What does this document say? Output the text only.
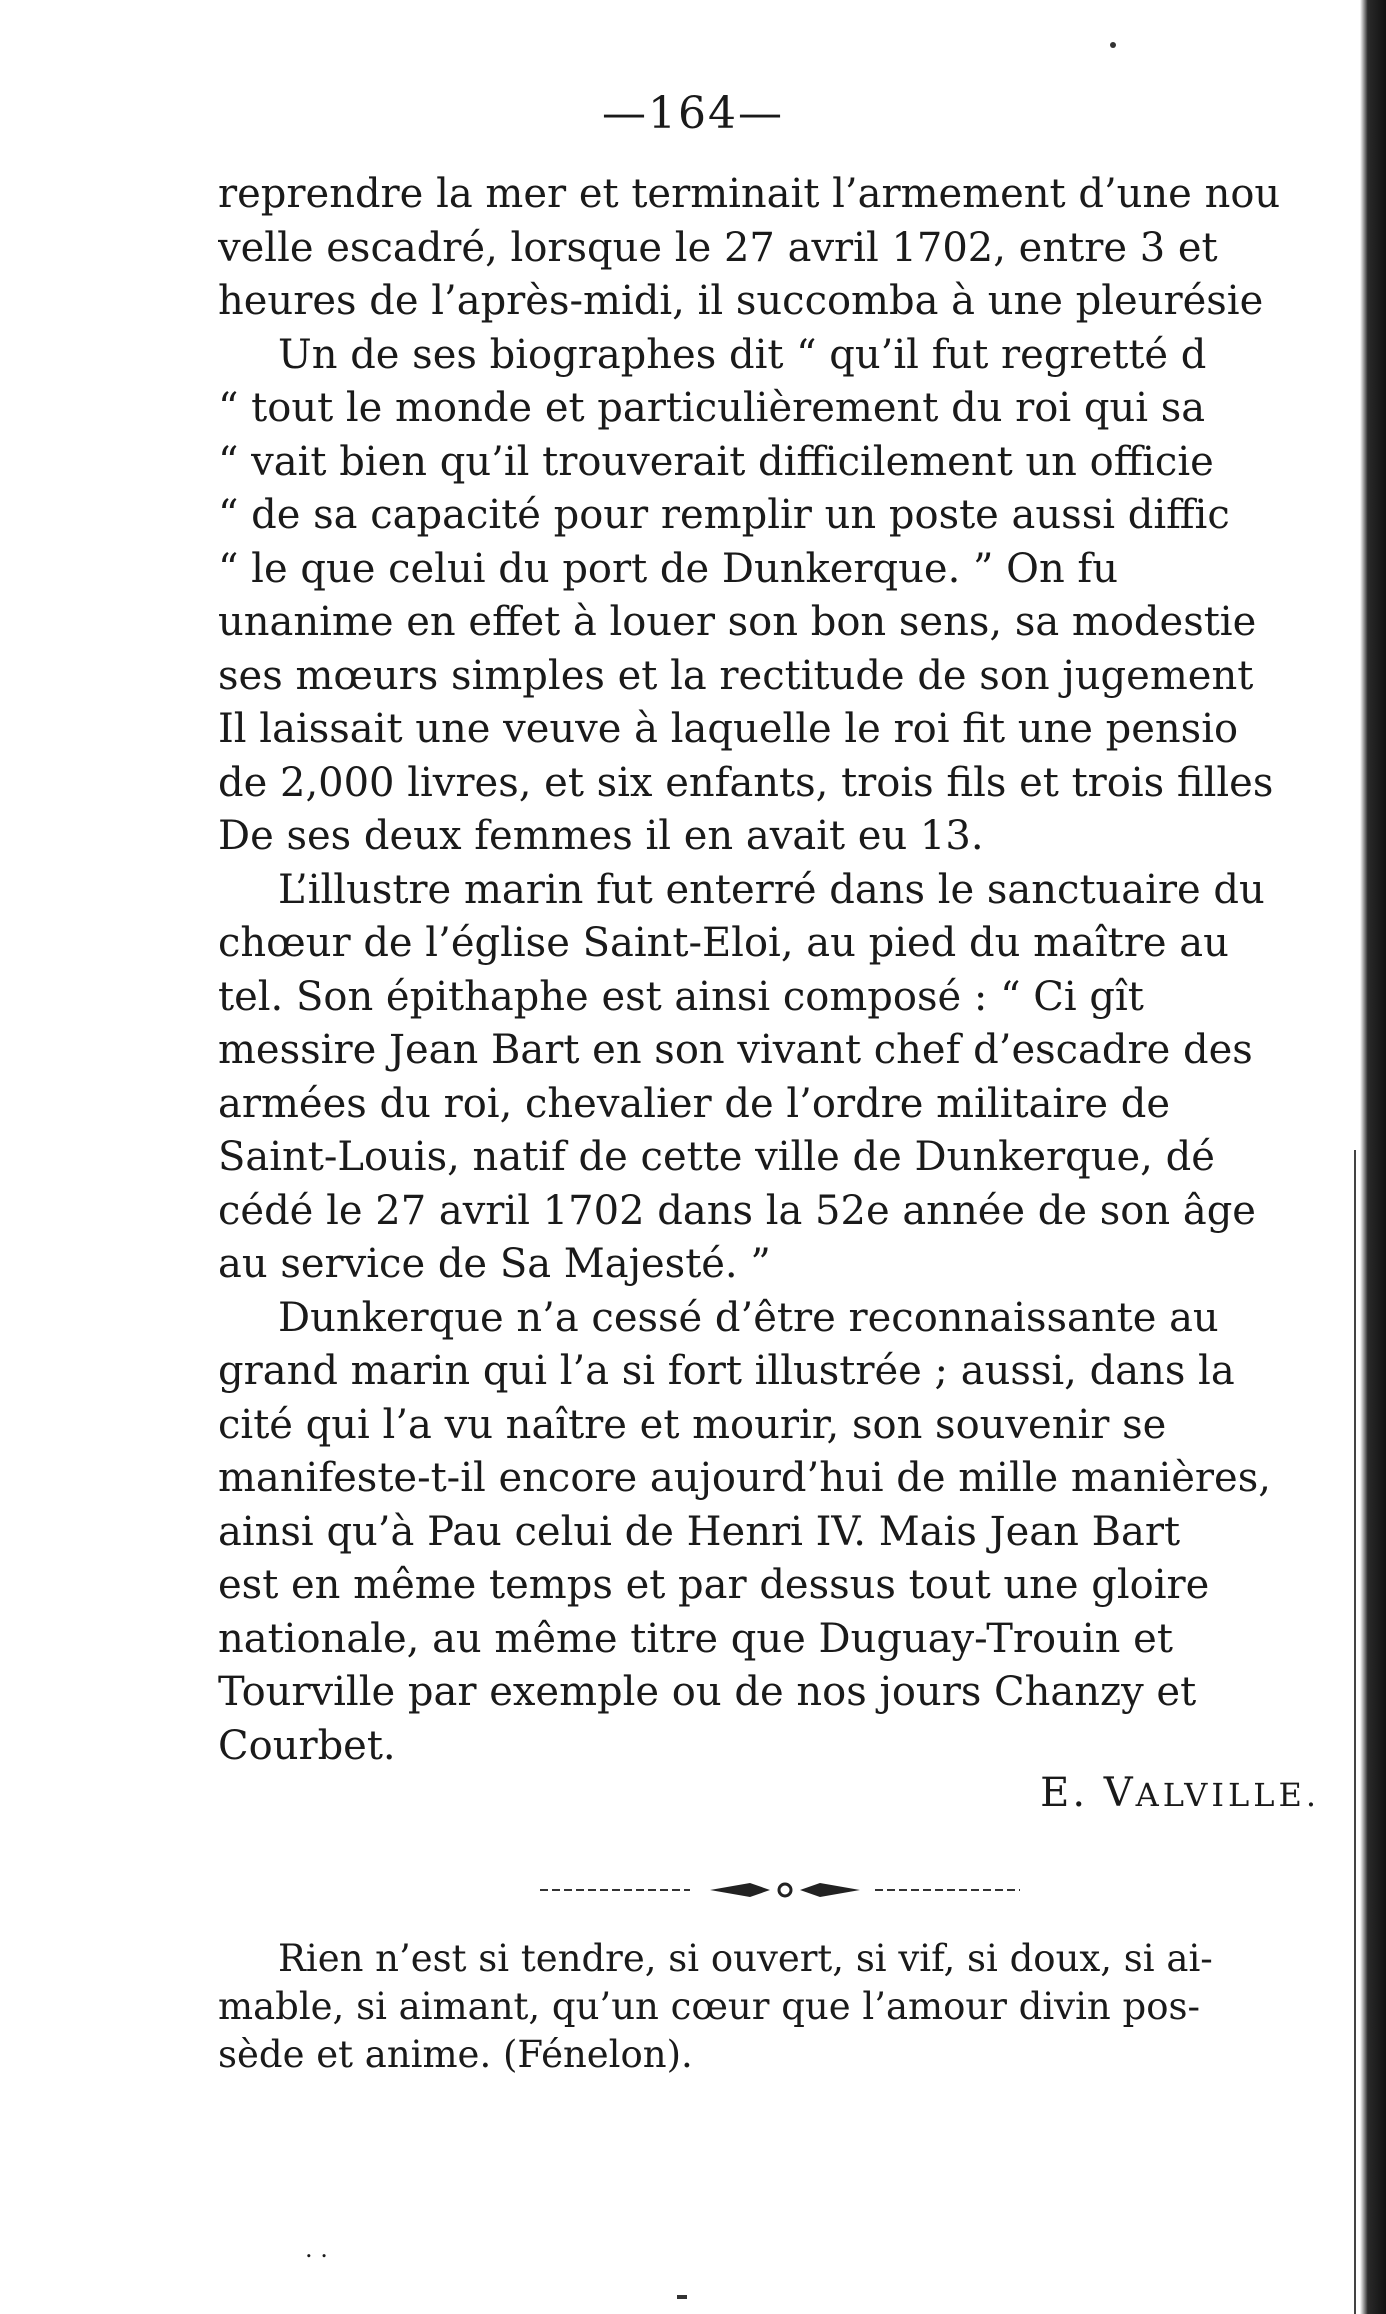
—164—
reprendre la mer et terminait l’armement d’une nou
velle escadré, lorsque le 27 avril 1702, entre 3 et
heures de l’après-midi, il succomba à une pleurésie
Un de ses biographes dit “ qu’il fut regretté d
“ tout le monde et particulièrement du roi qui sa
“ vait bien qu’il trouverait difficilement un officie
“ de sa capacité pour remplir un poste aussi diffic
“ le que celui du port de Dunkerque. ” On fu
unanime en effet à louer son bon sens, sa modestie
ses mœurs simples et la rectitude de son jugement
Il laissait une veuve à laquelle le roi fit une pensio
de 2,000 livres, et six enfants, trois fils et trois filles
De ses deux femmes il en avait eu 13.
L’illustre marin fut enterré dans le sanctuaire du
chœur de l’église Saint-Eloi, au pied du maître au
tel. Son épithaphe est ainsi composé : “ Ci gît
messire Jean Bart en son vivant chef d’escadre des
armées du roi, chevalier de l’ordre militaire de
Saint-Louis, natif de cette ville de Dunkerque, dé
cédé le 27 avril 1702 dans la 52e année de son âge
au service de Sa Majesté. ”
Dunkerque n’a cessé d’être reconnaissante au
grand marin qui l’a si fort illustrée ; aussi, dans la
cité qui l’a vu naître et mourir, son souvenir se
manifeste-t-il encore aujourd’hui de mille manières,
ainsi qu’à Pau celui de Henri IV. Mais Jean Bart
est en même temps et par dessus tout une gloire
nationale, au même titre que Duguay-Trouin et
Tourville par exemple ou de nos jours Chanzy et
Courbet.
E. VALVILLE.
Rien n’est si tendre, si ouvert, si vif, si doux, si ai-
mable, si aimant, qu’un cœur que l’amour divin pos-
sède et anime. (Fénelon).
. .
